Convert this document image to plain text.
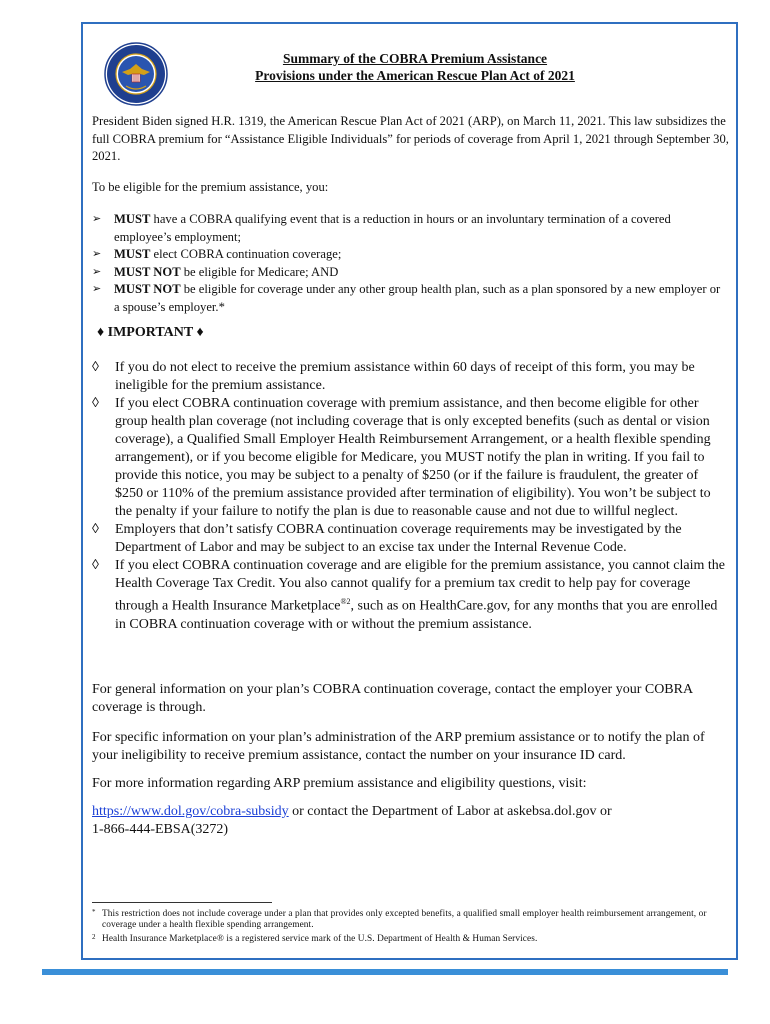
Summary of the COBRA Premium Assistance
Provisions under the American Rescue Plan Act of 2021

President Biden signed H.R. 1319, the American Rescue Plan Act of 2021 (ARP), on March 11, 2021. This law subsidizes the full COBRA premium for “Assistance Eligible Individuals” for periods of coverage from April 1, 2021 through September 30, 2021.

To be eligible for the premium assistance, you:

➢ MUST have a COBRA qualifying event that is a reduction in hours or an involuntary termination of a covered employee’s employment;
➢ MUST elect COBRA continuation coverage;
➢ MUST NOT be eligible for Medicare; AND
➢ MUST NOT be eligible for coverage under any other group health plan, such as a plan sponsored by a new employer or a spouse’s employer.*
♦ IMPORTANT ♦
◊ If you do not elect to receive the premium assistance within 60 days of receipt of this form, you may be ineligible for the premium assistance.
◊ If you elect COBRA continuation coverage with premium assistance, and then become eligible for other group health plan coverage (not including coverage that is only excepted benefits (such as dental or vision coverage), a Qualified Small Employer Health Reimbursement Arrangement, or a health flexible spending arrangement), or if you become eligible for Medicare, you MUST notify the plan in writing. If you fail to provide this notice, you may be subject to a penalty of $250 (or if the failure is fraudulent, the greater of
$250 or 110% of the premium assistance provided after termination of eligibility). You won’t be subject to the penalty if your failure to notify the plan is due to reasonable cause and not due to willful neglect.
◊ Employers that don’t satisfy COBRA continuation coverage requirements may be investigated by the Department of Labor and may be subject to an excise tax under the Internal Revenue Code.
◊ If you elect COBRA continuation coverage and are eligible for the premium assistance, you cannot claim the Health Coverage Tax Credit. You also cannot qualify for a premium tax credit to help pay for coverage through a Health Insurance Marketplace$^{®2}$, such as on HealthCare.gov, for any months that you are enrolled in COBRA continuation coverage with or without the premium assistance.

For general information on your plan’s COBRA continuation coverage, contact the employer your COBRA coverage is through.

For specific information on your plan’s administration of the ARP premium assistance or to notify the plan of your ineligibility to receive premium assistance, contact the number on your insurance ID card.

For more information regarding ARP premium assistance and eligibility questions, visit:

https://www.dol.gov/cobra-subsidy or contact the Department of Labor at askebsa.dol.gov or
1-866-444-EBSA(3272)

* This restriction does not include coverage under a plan that provides only excepted benefits, a qualified small employer health reimbursement arrangement, or coverage under a health flexible spending arrangement.
2 Health Insurance Marketplace® is a registered service mark of the U.S. Department of Health & Human Services.
